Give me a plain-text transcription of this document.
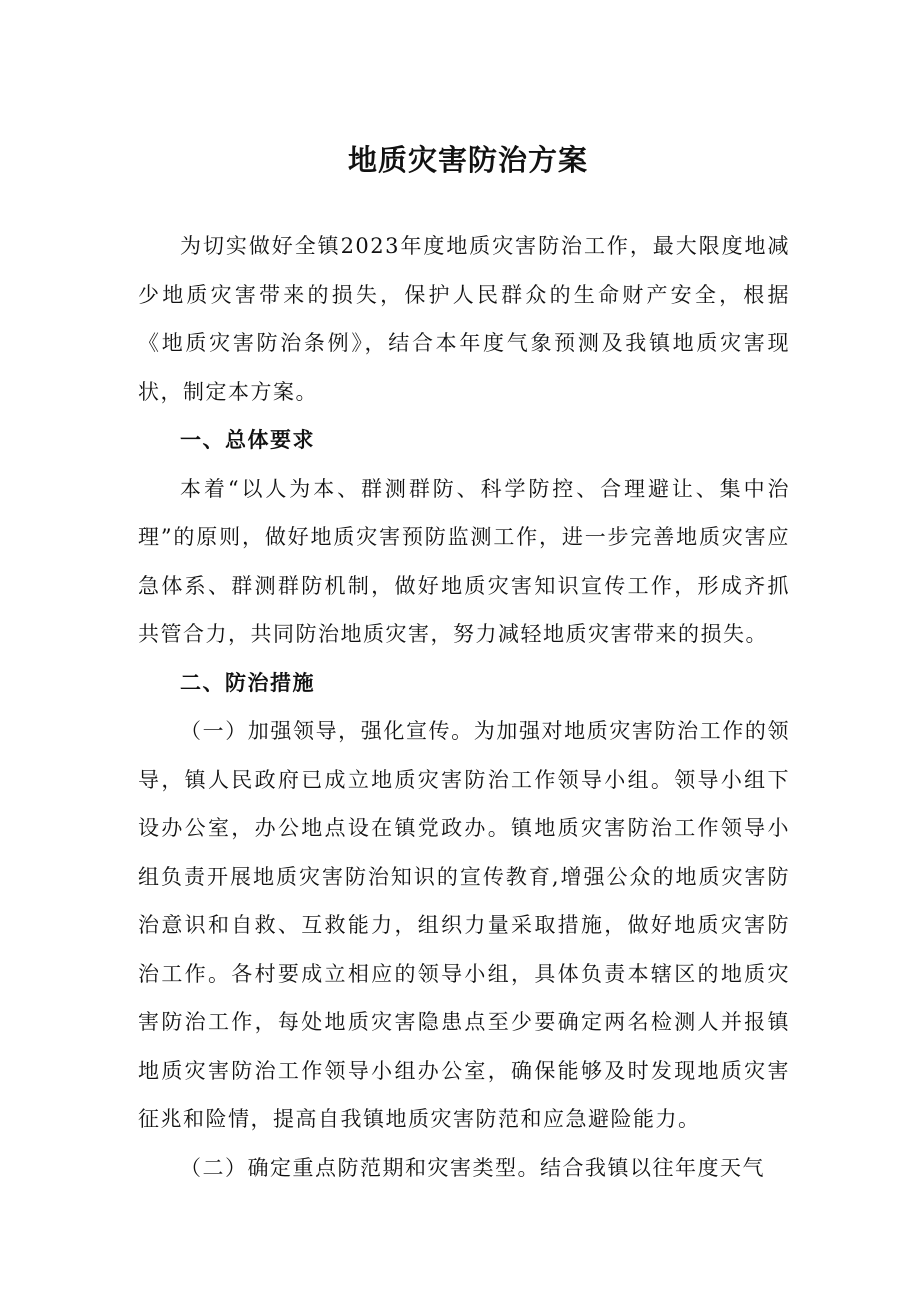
地质灾害防治方案

为切实做好全镇2023年度地质灾害防治工作，最大限度地减少地质灾害带来的损失，保护人民群众的生命财产安全，根据《地质灾害防治条例》，结合本年度气象预测及我镇地质灾害现状，制定本方案。

一、总体要求

本着“以人为本、群测群防、科学防控、合理避让、集中治理”的原则，做好地质灾害预防监测工作，进一步完善地质灾害应急体系、群测群防机制，做好地质灾害知识宣传工作，形成齐抓共管合力，共同防治地质灾害，努力减轻地质灾害带来的损失。

二、防治措施

（一）加强领导，强化宣传。为加强对地质灾害防治工作的领导，镇人民政府已成立地质灾害防治工作领导小组。领导小组下设办公室，办公地点设在镇党政办。镇地质灾害防治工作领导小组负责开展地质灾害防治知识的宣传教育,增强公众的地质灾害防治意识和自救、互救能力，组织力量采取措施，做好地质灾害防治工作。各村要成立相应的领导小组，具体负责本辖区的地质灾害防治工作，每处地质灾害隐患点至少要确定两名检测人并报镇地质灾害防治工作领导小组办公室，确保能够及时发现地质灾害征兆和险情，提高自我镇地质灾害防范和应急避险能力。

（二）确定重点防范期和灾害类型。结合我镇以往年度天气
